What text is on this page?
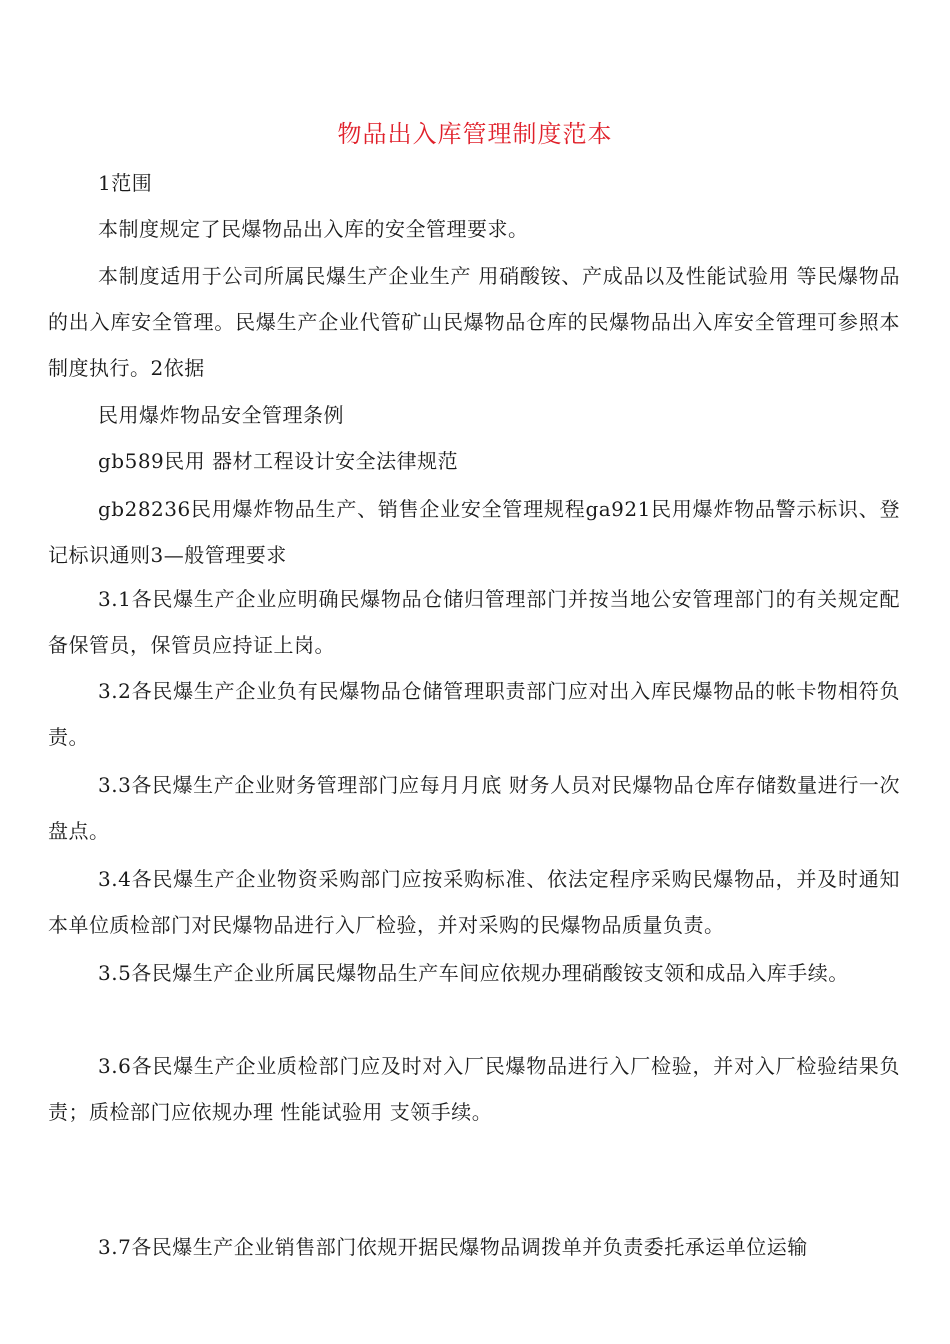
物品出入库管理制度范本

1范围

本制度规定了民爆物品出入库的安全管理要求。

本制度适用于公司所属民爆生产企业生产 用硝酸铵、产成品以及性能试验用 等民爆物品的出入库安全管理。民爆生产企业代管矿山民爆物品仓库的民爆物品出入库安全管理可参照本制度执行。2依据

民用爆炸物品安全管理条例

gb589民用 器材工程设计安全法律规范

gb28236民用爆炸物品生产、销售企业安全管理规程ga921民用爆炸物品警示标识、登记标识通则3—般管理要求

3.1各民爆生产企业应明确民爆物品仓储归管理部门并按当地公安管理部门的有关规定配备保管员，保管员应持证上岗。

3.2各民爆生产企业负有民爆物品仓储管理职责部门应对出入库民爆物品的帐卡物相符负责。

3.3各民爆生产企业财务管理部门应每月月底 财务人员对民爆物品仓库存储数量进行一次盘点。

3.4各民爆生产企业物资采购部门应按采购标准、依法定程序采购民爆物品，并及时通知本单位质检部门对民爆物品进行入厂检验，并对采购的民爆物品质量负责。

3.5各民爆生产企业所属民爆物品生产车间应依规办理硝酸铵支领和成品入库手续。

3.6各民爆生产企业质检部门应及时对入厂民爆物品进行入厂检验，并对入厂检验结果负责；质检部门应依规办理 性能试验用 支领手续。

3.7各民爆生产企业销售部门依规开据民爆物品调拨单并负责委托承运单位运输
